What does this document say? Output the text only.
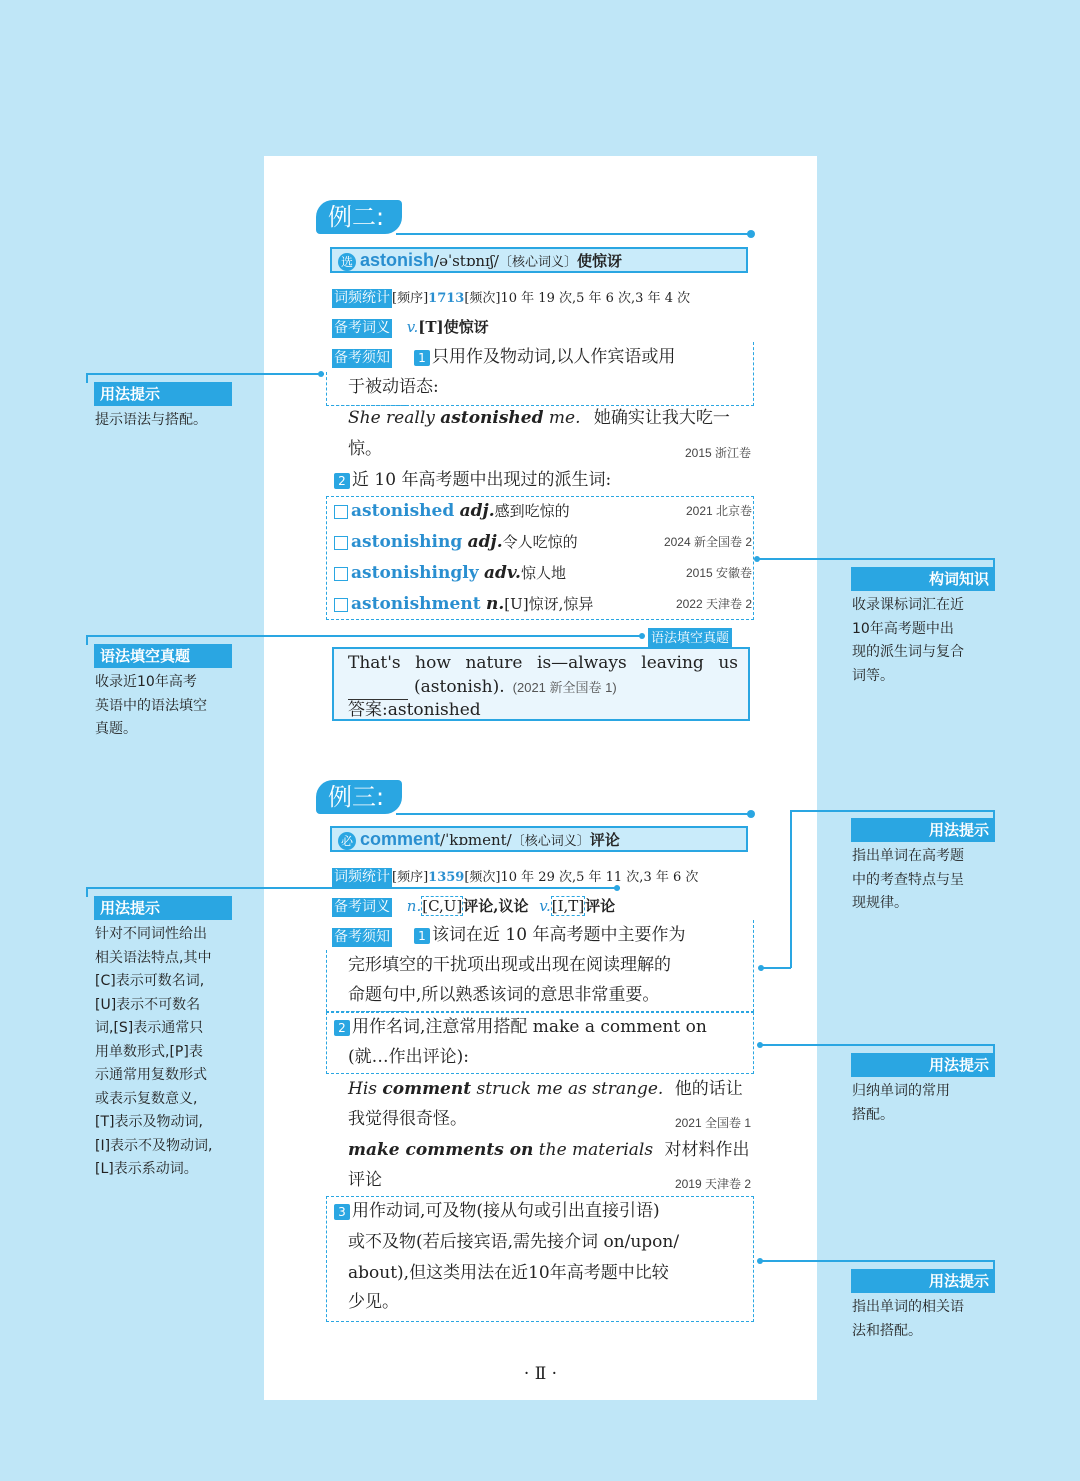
例二:
选 astonish/əˈstɒnɪʃ/〔核心词义〕使惊讶
词频统计 [频序]1713[频次]10 年 19 次,5 年 6 次,3 年 4 次
备考词义 v.[T]使惊讶
备考须知	1 只用作及物动词,以人作宾语或用
于被动语态:
She really astonished me. 她确实让我大吃一
惊。	2015 浙江卷
2 近 10 年高考题中出现过的派生词:
语法填空真题
That's how nature is—always leaving us
(astonish). (2021 新全国卷 1)
答案:astonished
例三:
必 comment/ˈkɒment/〔核心词义〕评论
词频统计 [频序]1359[频次]10 年 29 次,5 年 11 次,3 年 6 次
备考词义 n.[C,U]评论,议论 v.[I,T]评论
备考须知	1 该词在近 10 年高考题中主要作为
完形填空的干扰项出现或出现在阅读理解的
命题句中,所以熟悉该词的意思非常重要。
2 用作名词,注意常用搭配 make a comment on
(就…作出评论):
His comment struck me as strange. 他的话让
我觉得很奇怪。	2021 全国卷 1
make comments on the materials 对材料作出
评论	2019 天津卷 2
3 用作动词,可及物(接从句或引出直接引语)
或不及物(若后接宾语,需先接介词 on/upon/
about),但这类用法在近10年高考题中比较
少见。
· Ⅱ ·
astonished adj.感到吃惊的	2021 北京卷
astonishing adj.令人吃惊的	2024 新全国卷 2
astonishingly adv.惊人地	2015 安徽卷
astonishment n.[U]惊讶,惊异	2022 天津卷 2
用法提示
提示语法与搭配。
语法填空真题
收录近10年高考
英语中的语法填空
真题。
用法提示
针对不同词性给出
相关语法特点,其中
[C]表示可数名词,
[U]表示不可数名
词,[S]表示通常只
用单数形式,[P]表
示通常用复数形式
或表示复数意义,
[T]表示及物动词,
[I]表示不及物动词,
[L]表示系动词。
构词知识
收录课标词汇在近
10年高考题中出
现的派生词与复合
词等。
用法提示
指出单词在高考题
中的考查特点与呈
现规律。
用法提示
归纳单词的常用
搭配。
用法提示
指出单词的相关语
法和搭配。
